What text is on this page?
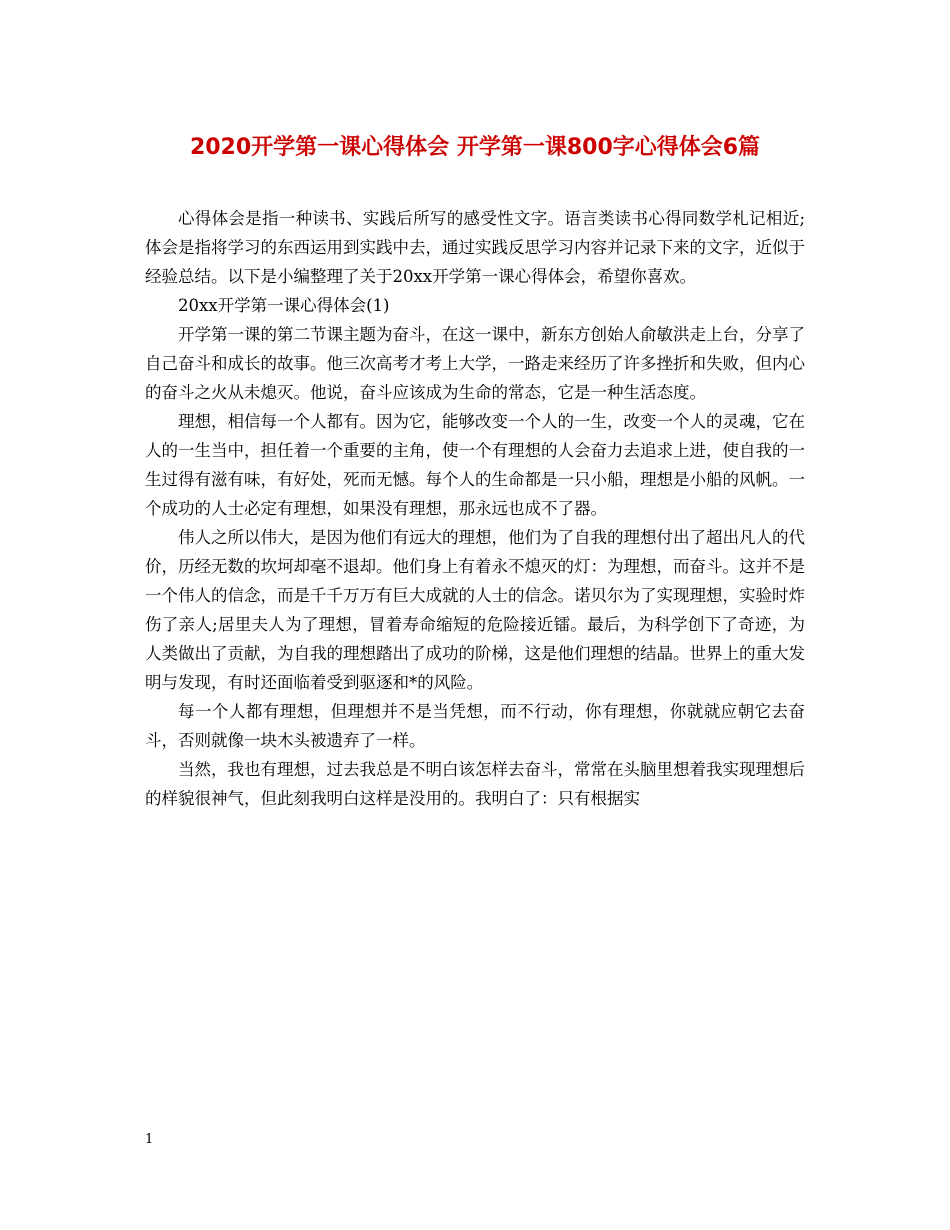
2020开学第一课心得体会 开学第一课800字心得体会6篇

心得体会是指一种读书、实践后所写的感受性文字。语言类读书心得同数学札记相近;体会是指将学习的东西运用到实践中去，通过实践反思学习内容并记录下来的文字，近似于经验总结。以下是小编整理了关于20xx开学第一课心得体会，希望你喜欢。

20xx开学第一课心得体会(1)

开学第一课的第二节课主题为奋斗，在这一课中，新东方创始人俞敏洪走上台，分享了自己奋斗和成长的故事。他三次高考才考上大学，一路走来经历了许多挫折和失败，但内心的奋斗之火从未熄灭。他说，奋斗应该成为生命的常态，它是一种生活态度。

理想，相信每一个人都有。因为它，能够改变一个人的一生，改变一个人的灵魂，它在人的一生当中，担任着一个重要的主角，使一个有理想的人会奋力去追求上进，使自我的一生过得有滋有味，有好处，死而无憾。每个人的生命都是一只小船，理想是小船的风帆。一个成功的人士必定有理想，如果没有理想，那永远也成不了器。

伟人之所以伟大，是因为他们有远大的理想，他们为了自我的理想付出了超出凡人的代价，历经无数的坎坷却毫不退却。他们身上有着永不熄灭的灯：为理想，而奋斗。这并不是一个伟人的信念，而是千千万万有巨大成就的人士的信念。诺贝尔为了实现理想，实验时炸伤了亲人;居里夫人为了理想，冒着寿命缩短的危险接近镭。最后，为科学创下了奇迹，为人类做出了贡献，为自我的理想踏出了成功的阶梯，这是他们理想的结晶。世界上的重大发明与发现，有时还面临着受到驱逐和*的风险。

每一个人都有理想，但理想并不是当凭想，而不行动，你有理想，你就就应朝它去奋斗，否则就像一块木头被遗弃了一样。

当然，我也有理想，过去我总是不明白该怎样去奋斗，常常在头脑里想着我实现理想后的样貌很神气，但此刻我明白这样是没用的。我明白了：只有根据实

1
